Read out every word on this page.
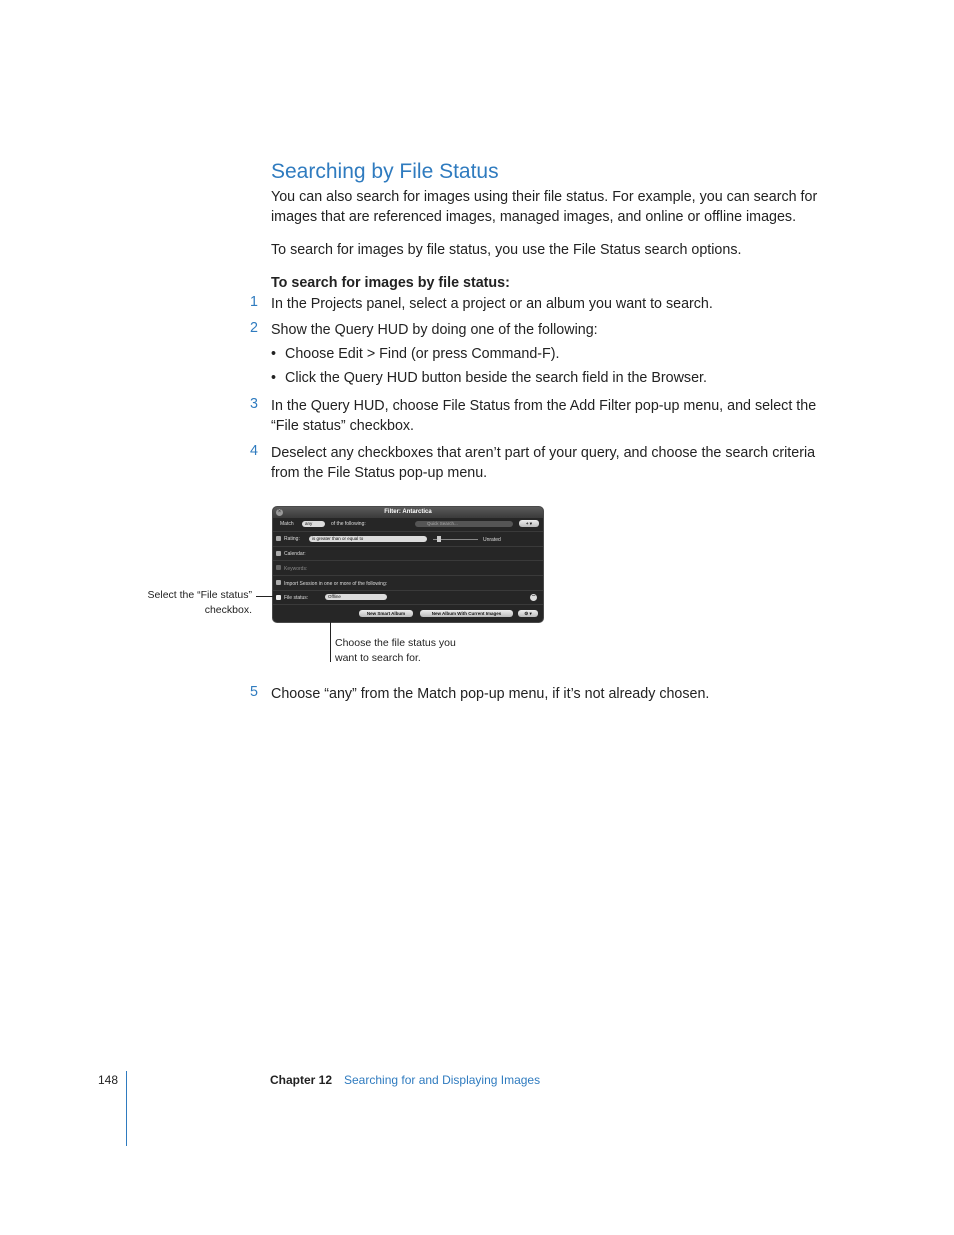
Searching by File Status
You can also search for images using their file status. For example, you can search for
images that are referenced images, managed images, and online or offline images.
To search for images by file status, you use the File Status search options.
To search for images by file status:
1 In the Projects panel, select a project or an album you want to search.
2 Show the Query HUD by doing one of the following:
• Choose Edit > Find (or press Command-F).
• Click the Query HUD button beside the search field in the Browser.
3 In the Query HUD, choose File Status from the Add Filter pop-up menu, and select the
“File status” checkbox.
4 Deselect any checkboxes that aren’t part of your query, and choose the search criteria
from the File Status pop-up menu.
Filter: Antarctica
×
Match	any	of the following:	Quick Search...	+ ▾
Rating:	is greater than or equal to	Unrated
Calendar:
Keywords:
Import Session in one or more of the following:
File status:	Offline	−
New Smart Album	New Album With Current Images	⚙ ▾
Select the “File status”
checkbox.
Choose the file status you
want to search for.
5 Choose “any” from the Match pop-up menu, if it’s not already chosen.
148	Chapter 12 Searching for and Displaying Images
